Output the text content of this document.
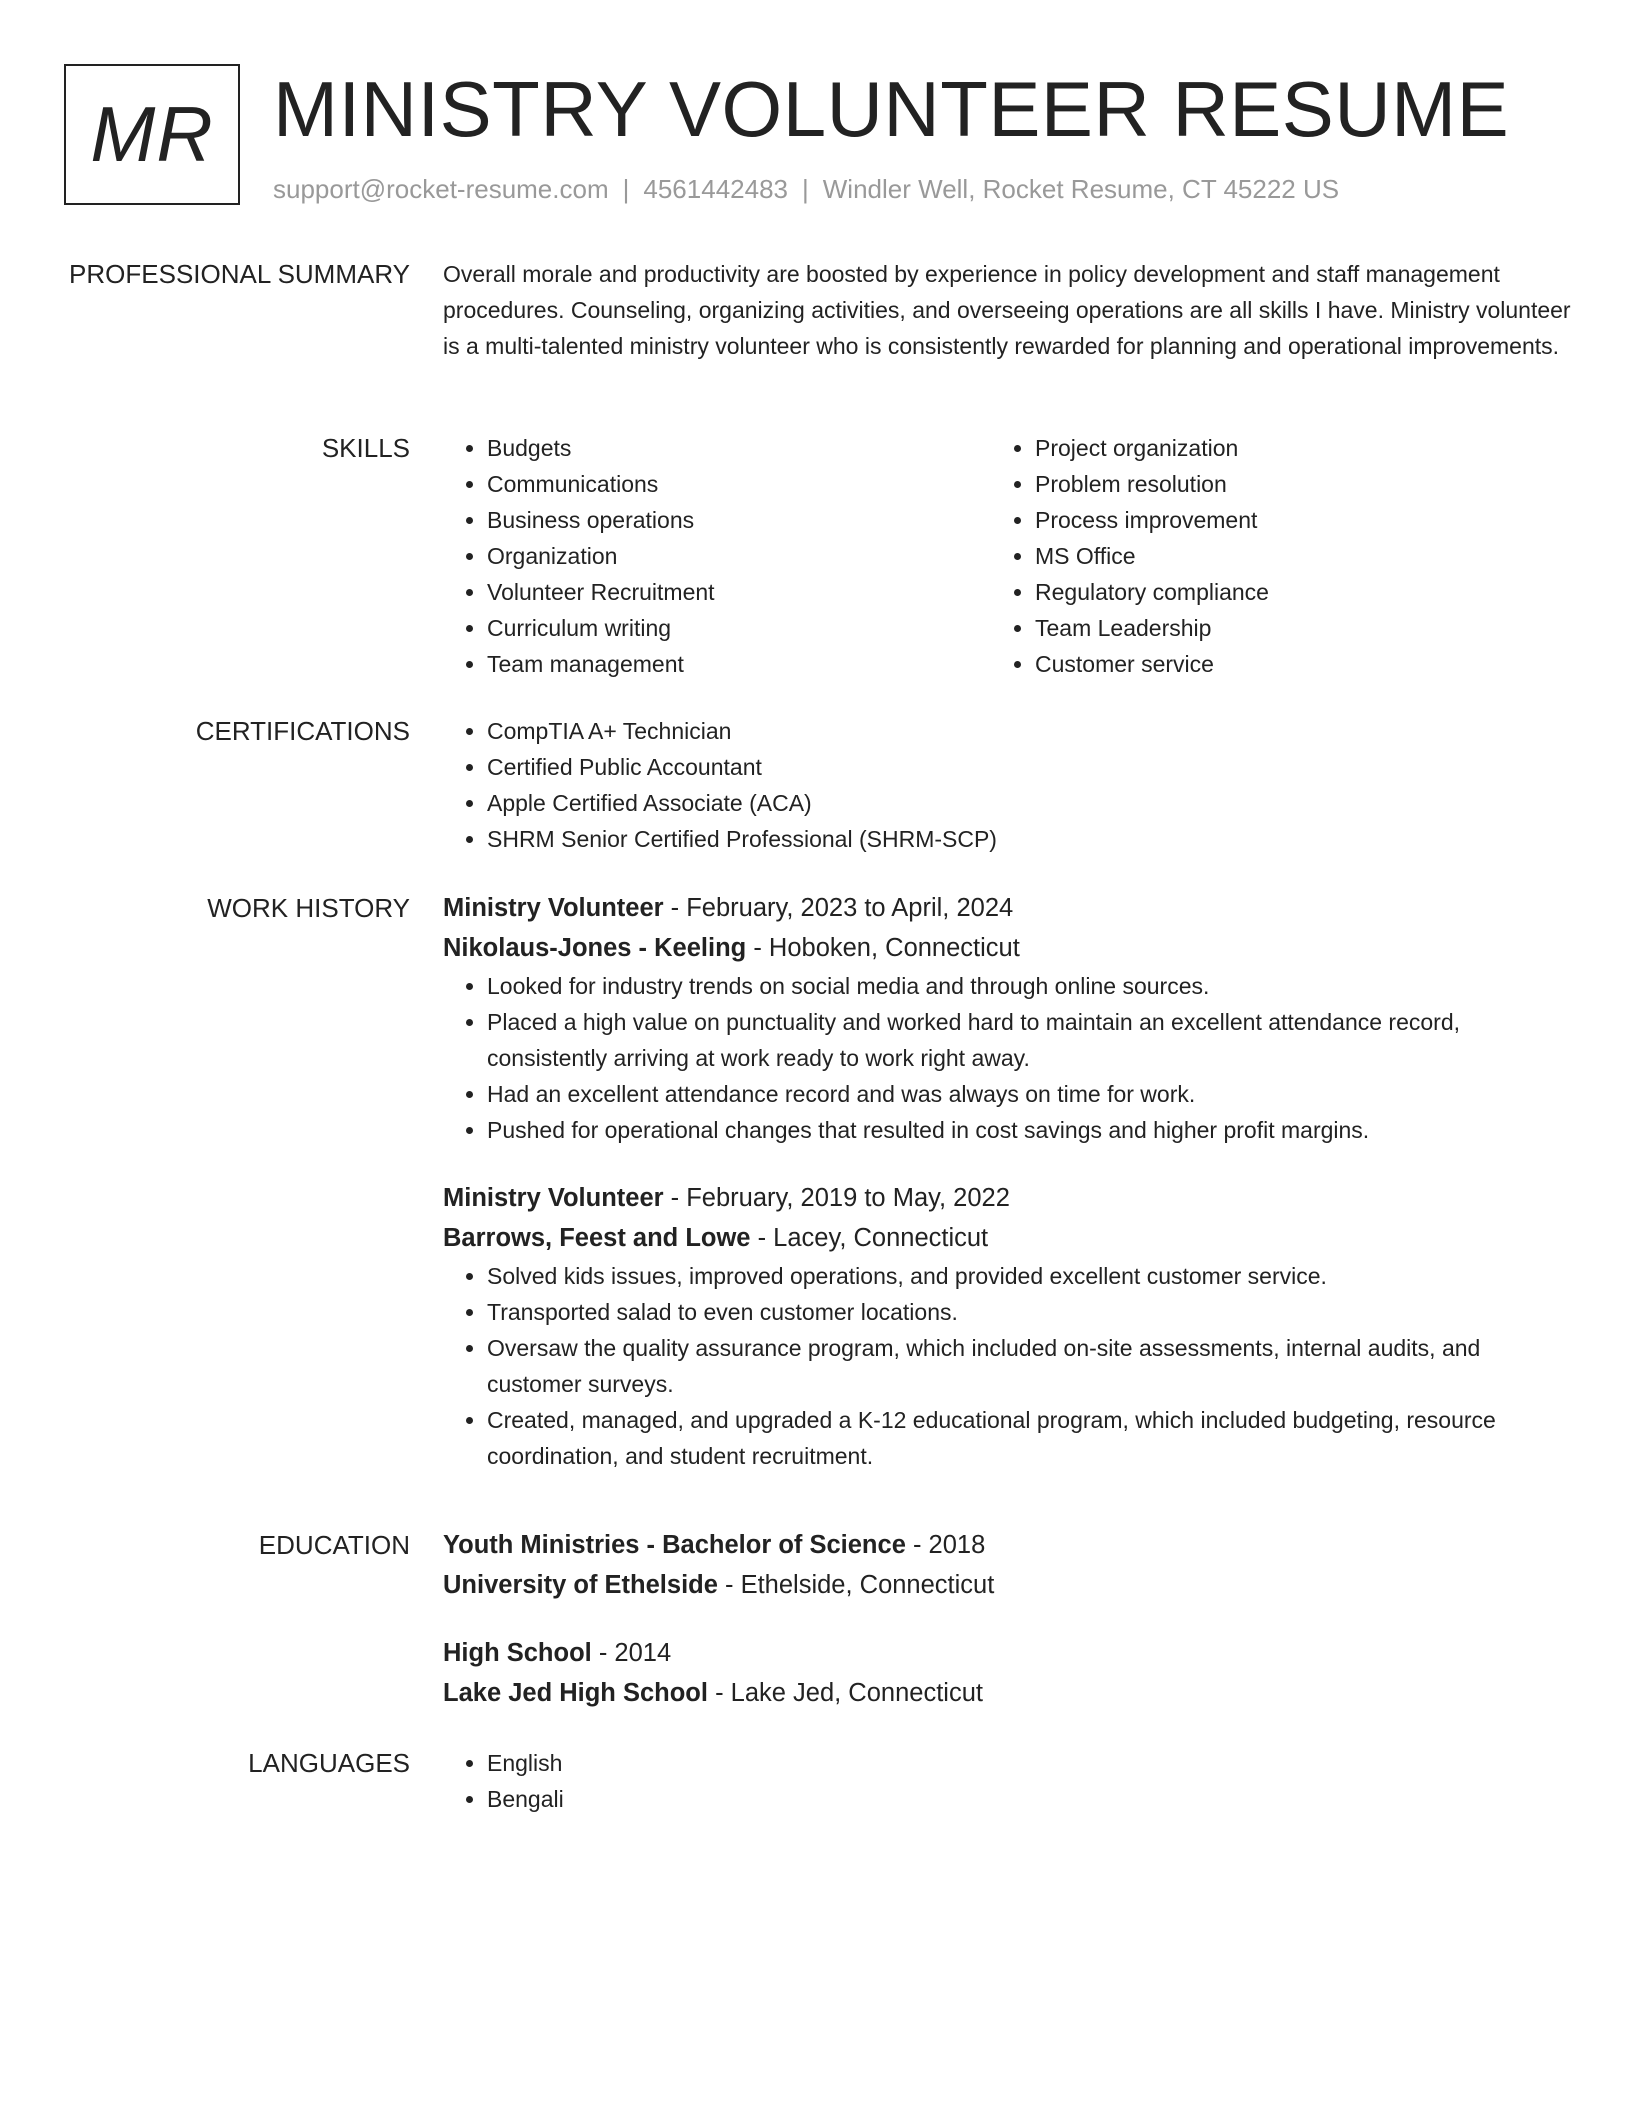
MR MINISTRY VOLUNTEER RESUME
support@rocket-resume.com | 4561442483 | Windler Well, Rocket Resume, CT 45222 US
PROFESSIONAL SUMMARY Overall morale and productivity are boosted by experience in policy development and staff management procedures. Counseling, organizing activities, and overseeing operations are all skills I have. Ministry volunteer is a multi-talented ministry volunteer who is consistently rewarded for planning and operational improvements.

SKILLS	• Budgets
• Communications
• Business operations
• Organization
• Volunteer Recruitment
• Curriculum writing
• Team management
• Project organization
• Problem resolution
• Process improvement
• MS Office
• Regulatory compliance
• Team Leadership
• Customer service
CERTIFICATIONS	• CompTIA A+ Technician
• Certified Public Accountant
• Apple Certified Associate (ACA)
• SHRM Senior Certified Professional (SHRM-SCP)
WORK HISTORY Ministry Volunteer - February, 2023 to April, 2024
Nikolaus-Jones - Keeling - Hoboken, Connecticut
• Looked for industry trends on social media and through online sources.
• Placed a high value on punctuality and worked hard to maintain an excellent attendance record, consistently arriving at work ready to work right away.
• Had an excellent attendance record and was always on time for work.
• Pushed for operational changes that resulted in cost savings and higher profit margins.
Ministry Volunteer - February, 2019 to May, 2022
Barrows, Feest and Lowe - Lacey, Connecticut
• Solved kids issues, improved operations, and provided excellent customer service.
• Transported salad to even customer locations.
• Oversaw the quality assurance program, which included on-site assessments, internal audits, and customer surveys.
• Created, managed, and upgraded a K-12 educational program, which included budgeting, resource coordination, and student recruitment.
EDUCATION Youth Ministries - Bachelor of Science - 2018
University of Ethelside - Ethelside, Connecticut
High School - 2014
Lake Jed High School - Lake Jed, Connecticut
LANGUAGES	• English
• Bengali
